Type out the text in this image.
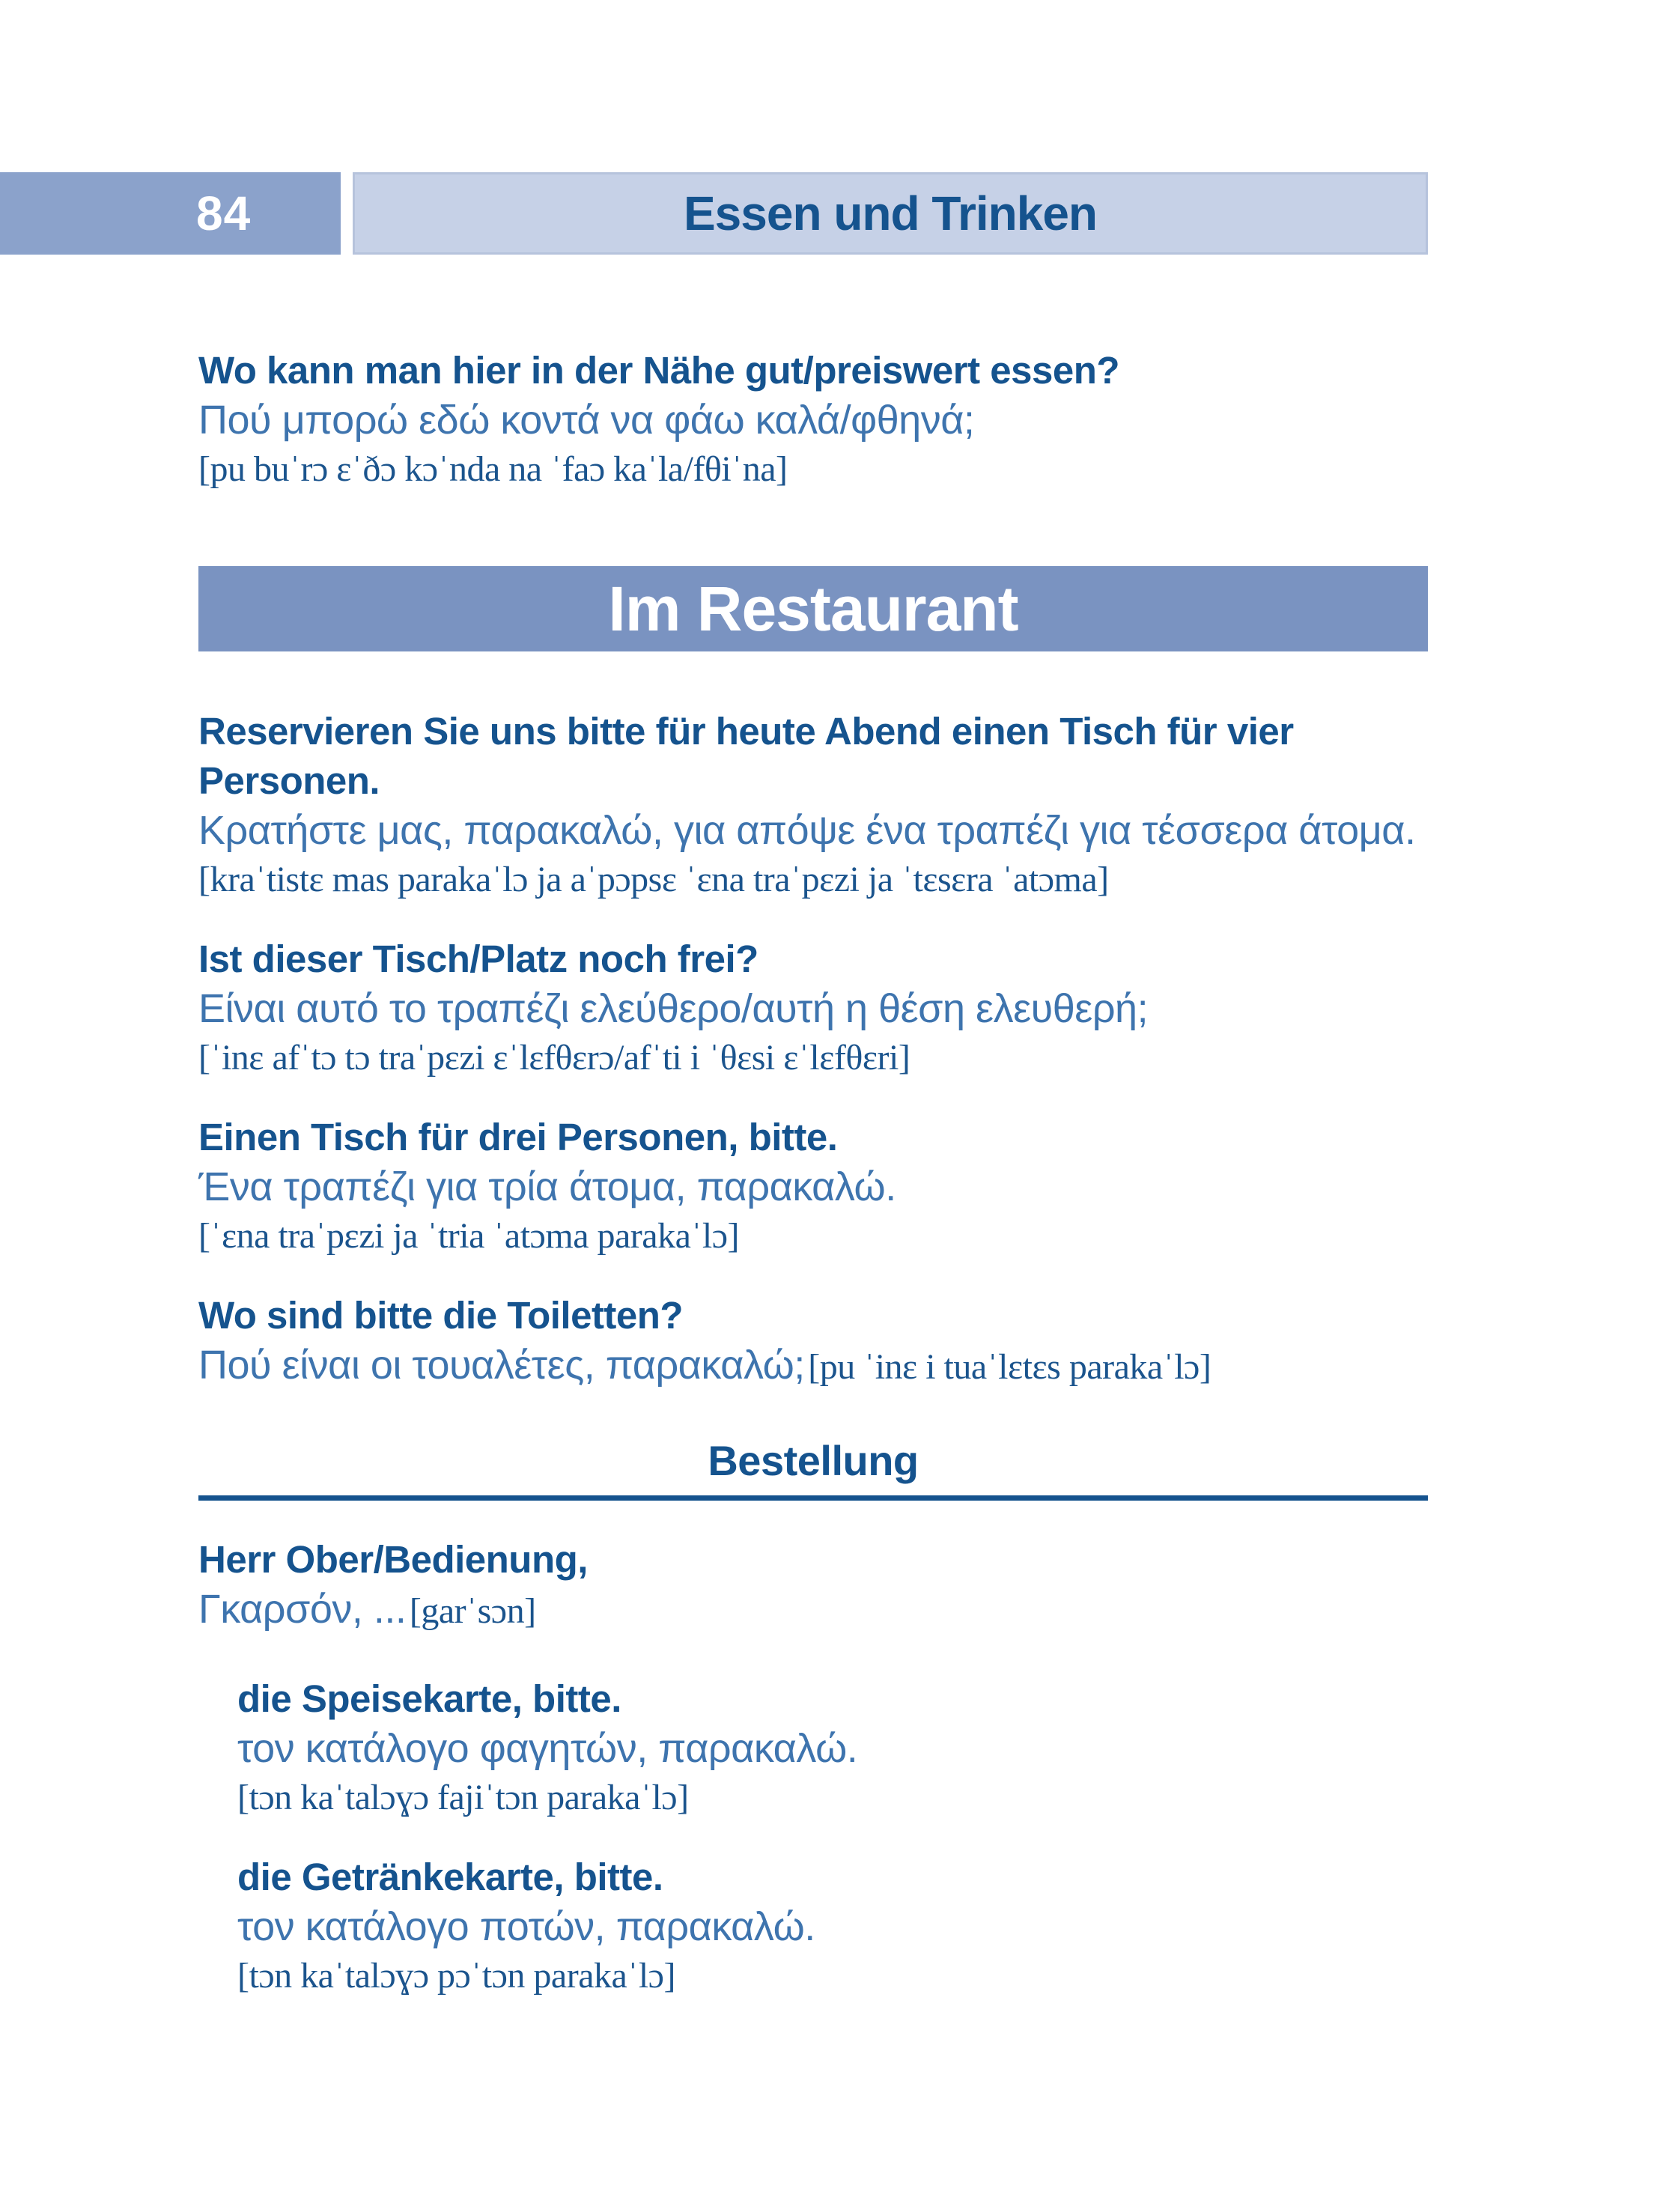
84	Essen und Trinken

Wo kann man hier in der Nähe gut/preiswert essen?

Πού μπορώ εδώ κοντά να φάω καλά/φθηνά;

[pu buˈrɔ εˈðɔ kɔˈnda na ˈfaɔ kaˈla/fθiˈna]

Im Restaurant

Reservieren Sie uns bitte für heute Abend einen Tisch für vier Personen.

Κρατήστε μας, παρακαλώ, για απόψε ένα τραπέζι για τέσσερα άτομα.

[kraˈtistε mas parakaˈlɔ ja aˈpɔpsε ˈεna traˈpεzi ja ˈtεsεra ˈatɔma]

Ist dieser Tisch/Platz noch frei?

Είναι αυτό το τραπέζι ελεύθερο/αυτή η θέση ελευθερή;

[ˈinε afˈtɔ tɔ traˈpεzi εˈlεfθεrɔ/afˈti i ˈθεsi εˈlεfθεri]

Einen Tisch für drei Personen, bitte.

Ένα τραπέζι για τρία άτομα, παρακαλώ.

[ˈεna traˈpεzi ja ˈtria ˈatɔma parakaˈlɔ]

Wo sind bitte die Toiletten?

Πού είναι οι τουαλέτες, παρακαλώ; [pu ˈinε i tuaˈlεtεs parakaˈlɔ]

Bestellung

Herr Ober/Bedienung,

Γκαρσόν, ... [garˈsɔn]

die Speisekarte, bitte.

τον κατάλογο φαγητών, παρακαλώ.

[tɔn kaˈtalɔɣɔ fajiˈtɔn parakaˈlɔ]

die Getränkekarte, bitte.

τον κατάλογο ποτών, παρακαλώ.

[tɔn kaˈtalɔɣɔ pɔˈtɔn parakaˈlɔ]
